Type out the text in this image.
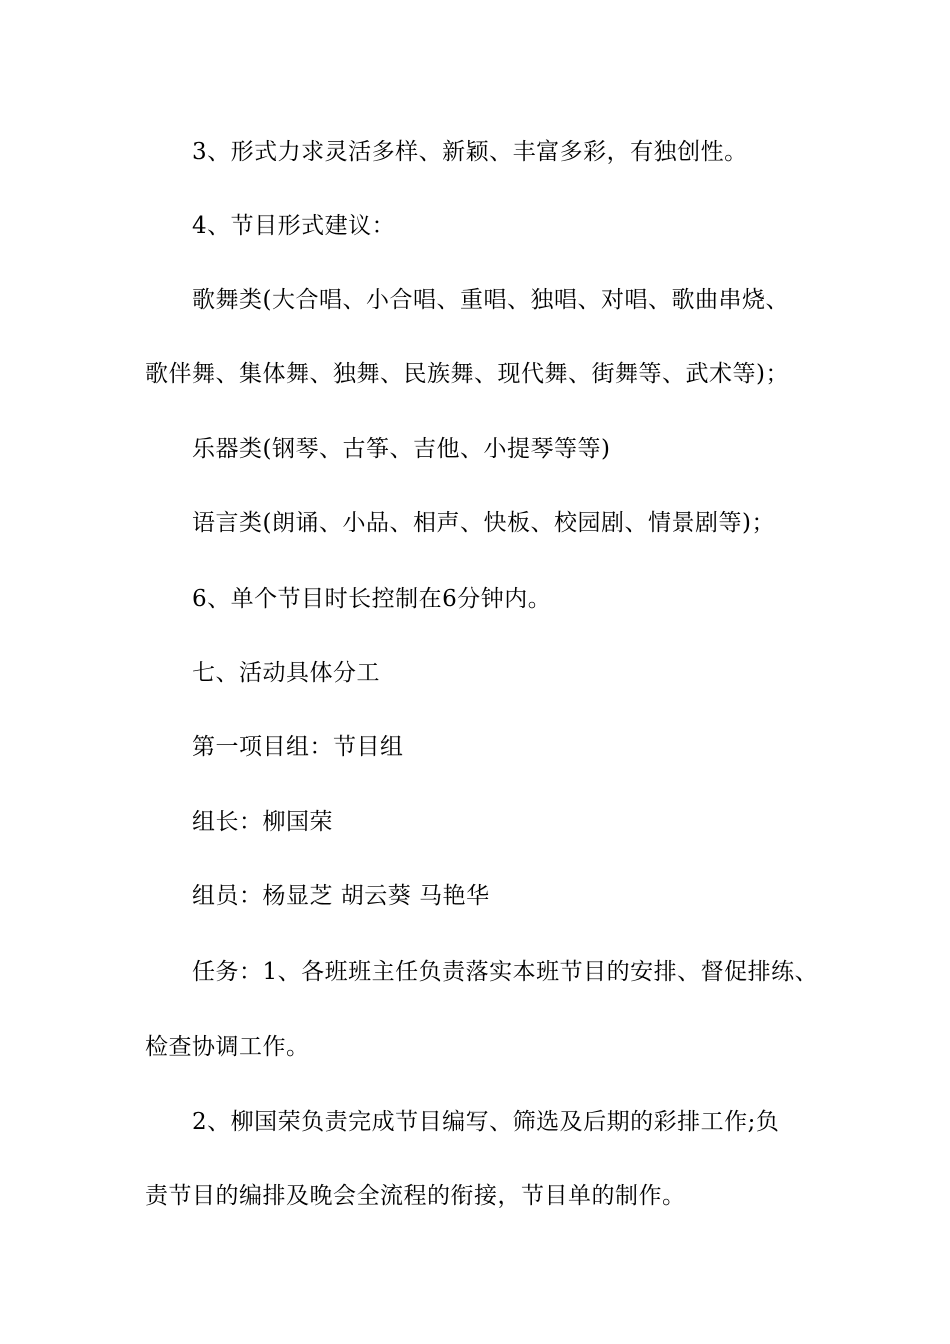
3、形式力求灵活多样、新颖、丰富多彩，有独创性。
4、节目形式建议：
歌舞类(大合唱、小合唱、重唱、独唱、对唱、歌曲串烧、
歌伴舞、集体舞、独舞、民族舞、现代舞、街舞等、武术等)；
乐器类(钢琴、古筝、吉他、小提琴等等)
语言类(朗诵、小品、相声、快板、校园剧、情景剧等)；
6、单个节目时长控制在6分钟内。
七、活动具体分工
第一项目组：节目组
组长：柳国荣
组员：杨显芝 胡云葵 马艳华
任务：1、各班班主任负责落实本班节目的安排、督促排练、
检查协调工作。
2、柳国荣负责完成节目编写、筛选及后期的彩排工作;负
责节目的编排及晚会全流程的衔接，节目单的制作。
